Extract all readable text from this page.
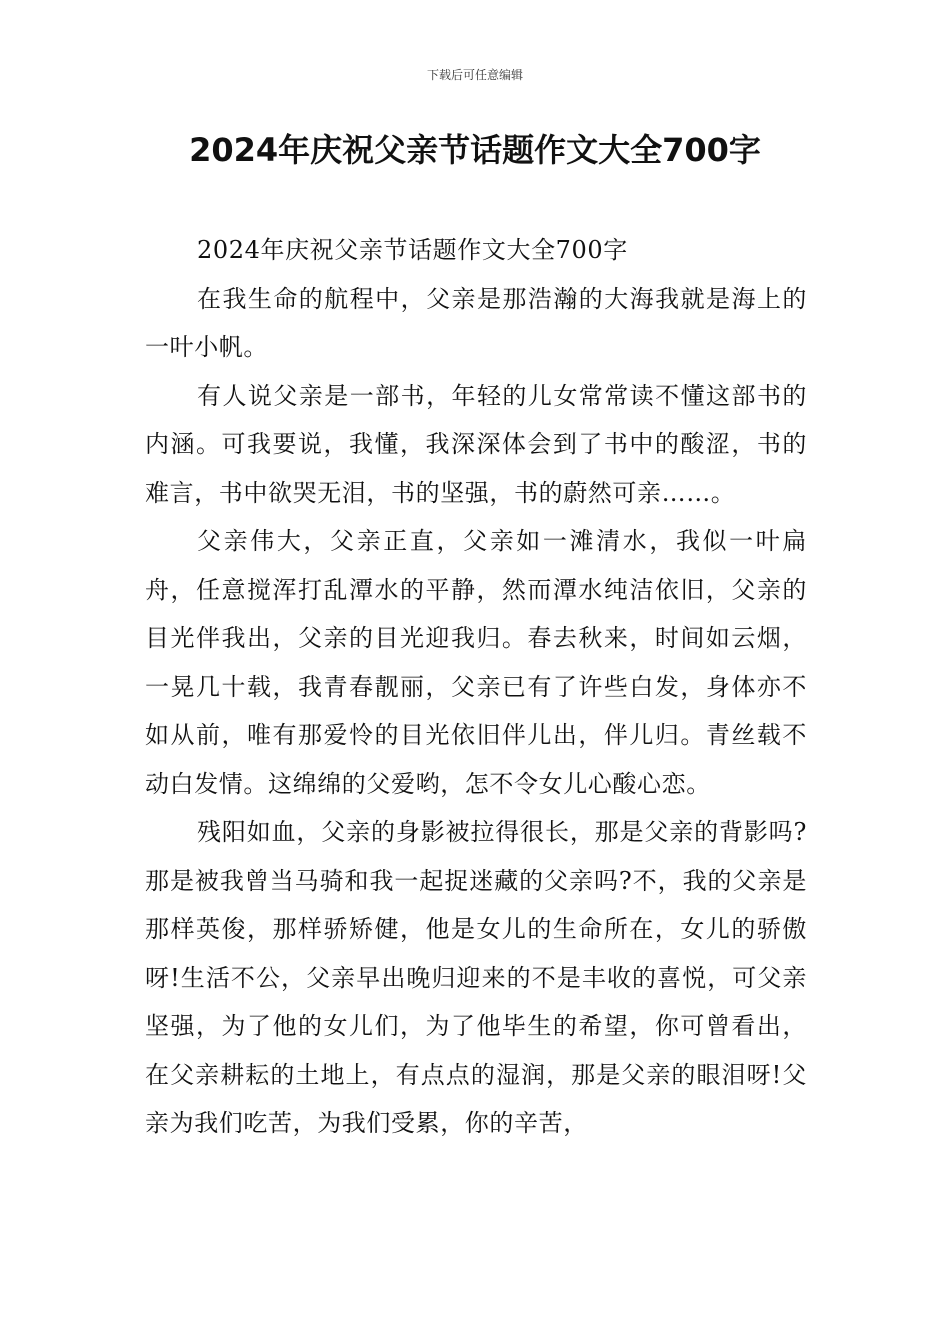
下载后可任意编辑
2024年庆祝父亲节话题作文大全700字

2024年庆祝父亲节话题作文大全700字

在我生命的航程中，父亲是那浩瀚的大海我就是海上的一叶小帆。

有人说父亲是一部书，年轻的儿女常常读不懂这部书的内涵。可我要说，我懂，我深深体会到了书中的酸涩，书的难言，书中欲哭无泪，书的坚强，书的蔚然可亲……。

父亲伟大，父亲正直，父亲如一滩清水，我似一叶扁舟，任意搅浑打乱潭水的平静，然而潭水纯洁依旧，父亲的目光伴我出，父亲的目光迎我归。春去秋来，时间如云烟，一晃几十载，我青春靓丽，父亲已有了许些白发，身体亦不如从前，唯有那爱怜的目光依旧伴儿出，伴儿归。青丝载不动白发情。这绵绵的父爱哟，怎不令女儿心酸心恋。

残阳如血，父亲的身影被拉得很长，那是父亲的背影吗?那是被我曾当马骑和我一起捉迷藏的父亲吗?不，我的父亲是那样英俊，那样骄矫健，他是女儿的生命所在，女儿的骄傲呀!生活不公，父亲早出晚归迎来的不是丰收的喜悦，可父亲坚强，为了他的女儿们，为了他毕生的希望，你可曾看出，在父亲耕耘的土地上，有点点的湿润，那是父亲的眼泪呀!父亲为我们吃苦，为我们受累，你的辛苦，
